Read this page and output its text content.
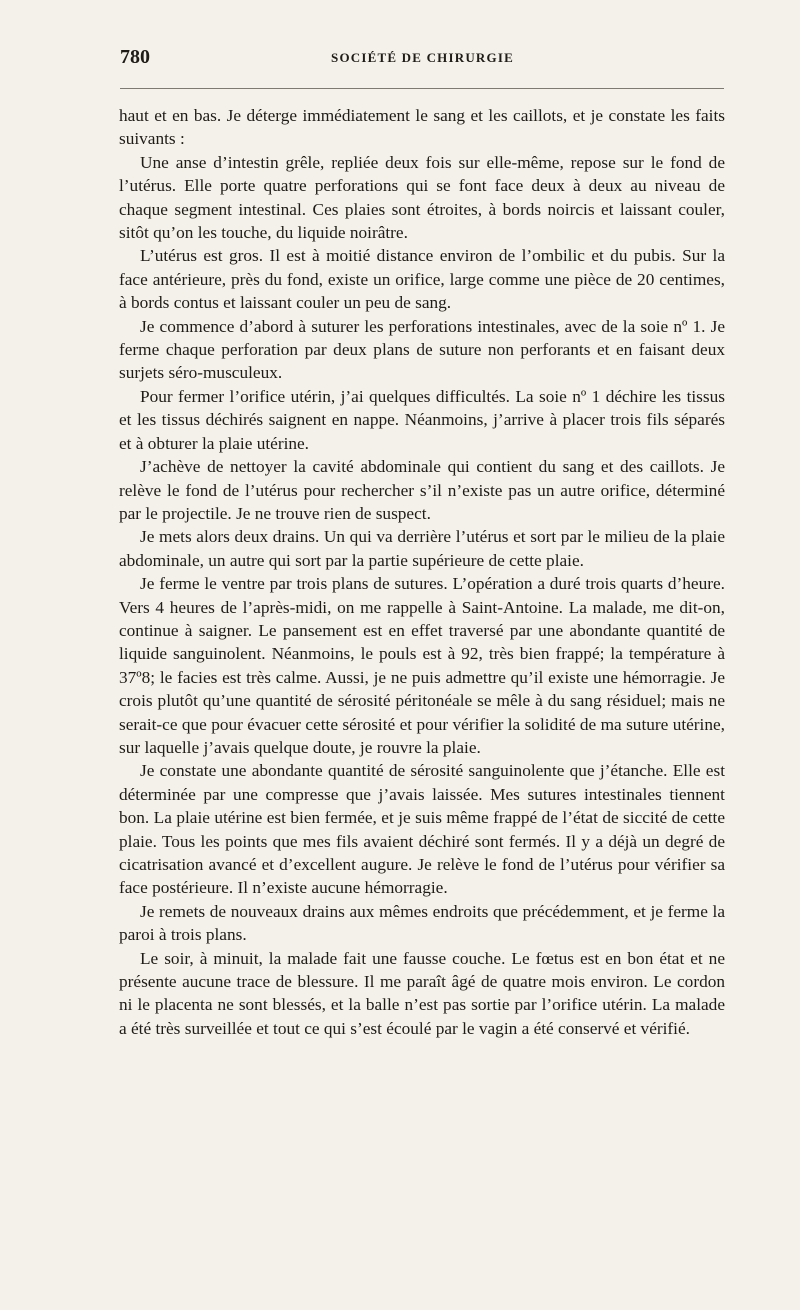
780	SOCIÉTÉ DE CHIRURGIE

haut et en bas. Je déterge immédiatement le sang et les caillots, et je constate les faits suivants :

Une anse d’intestin grêle, repliée deux fois sur elle-même, repose sur le fond de l’utérus. Elle porte quatre perforations qui se font face deux à deux au niveau de chaque segment intestinal. Ces plaies sont étroites, à bords noircis et laissant couler, sitôt qu’on les touche, du liquide noirâtre.

L’utérus est gros. Il est à moitié distance environ de l’ombilic et du pubis. Sur la face antérieure, près du fond, existe un orifice, large comme une pièce de 20 centimes, à bords contus et laissant couler un peu de sang.

Je commence d’abord à suturer les perforations intestinales, avec de la soie nº 1. Je ferme chaque perforation par deux plans de suture non perforants et en faisant deux surjets séro-musculeux.

Pour fermer l’orifice utérin, j’ai quelques difficultés. La soie nº 1 déchire les tissus et les tissus déchirés saignent en nappe. Néanmoins, j’arrive à placer trois fils séparés et à obturer la plaie utérine.

J’achève de nettoyer la cavité abdominale qui contient du sang et des caillots. Je relève le fond de l’utérus pour rechercher s’il n’existe pas un autre orifice, déterminé par le projectile. Je ne trouve rien de suspect.

Je mets alors deux drains. Un qui va derrière l’utérus et sort par le milieu de la plaie abdominale, un autre qui sort par la partie supérieure de cette plaie.

Je ferme le ventre par trois plans de sutures. L’opération a duré trois quarts d’heure. Vers 4 heures de l’après-midi, on me rappelle à Saint-Antoine. La malade, me dit-on, continue à saigner. Le pansement est en effet traversé par une abondante quantité de liquide sanguinolent. Néanmoins, le pouls est à 92, très bien frappé; la température à 37º8; le facies est très calme. Aussi, je ne puis admettre qu’il existe une hémorragie. Je crois plutôt qu’une quantité de sérosité péritonéale se mêle à du sang résiduel; mais ne serait-ce que pour évacuer cette sérosité et pour vérifier la solidité de ma suture utérine, sur laquelle j’avais quelque doute, je rouvre la plaie.

Je constate une abondante quantité de sérosité sanguinolente que j’étanche. Elle est déterminée par une compresse que j’avais laissée. Mes sutures intestinales tiennent bon. La plaie utérine est bien fermée, et je suis même frappé de l’état de siccité de cette plaie. Tous les points que mes fils avaient déchiré sont fermés. Il y a déjà un degré de cicatrisation avancé et d’excellent augure. Je relève le fond de l’utérus pour vérifier sa face postérieure. Il n’existe aucune hémorragie.

Je remets de nouveaux drains aux mêmes endroits que précédemment, et je ferme la paroi à trois plans.

Le soir, à minuit, la malade fait une fausse couche. Le fœtus est en bon état et ne présente aucune trace de blessure. Il me paraît âgé de quatre mois environ. Le cordon ni le placenta ne sont blessés, et la balle n’est pas sortie par l’orifice utérin. La malade a été très surveillée et tout ce qui s’est écoulé par le vagin a été conservé et vérifié.
